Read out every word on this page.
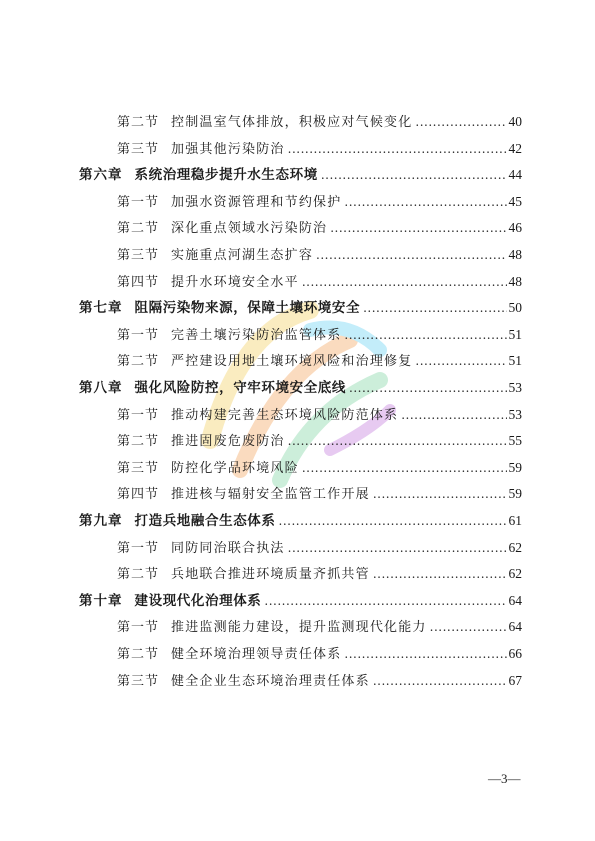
第二节 控制温室气体排放，积极应对气候变化 .....	40
第三节 加强其他污染防治 .....	42
第六章 系统治理稳步提升水生态环境 .....	44
第一节 加强水资源管理和节约保护 .....	45
第二节 深化重点领域水污染防治 .....	46
第三节 实施重点河湖生态扩容 .....	48
第四节 提升水环境安全水平 .....	48
第七章 阻隔污染物来源，保障土壤环境安全 .....	50
第一节 完善土壤污染防治监管体系 .....	51
第二节 严控建设用地土壤环境风险和治理修复 .....	51
第八章 强化风险防控，守牢环境安全底线 .....	53
第一节 推动构建完善生态环境风险防范体系 .....	53
第二节 推进固废危废防治 .....	55
第三节 防控化学品环境风险 .....	59
第四节 推进核与辐射安全监管工作开展 .....	59
第九章 打造兵地融合生态体系 .....	61
第一节 同防同治联合执法 .....	62
第二节 兵地联合推进环境质量齐抓共管 .....	62
第十章 建设现代化治理体系 .....	64
第一节 推进监测能力建设，提升监测现代化能力 .....	64
第二节 健全环境治理领导责任体系 .....	66
第三节 健全企业生态环境治理责任体系 .....	67
—3—
